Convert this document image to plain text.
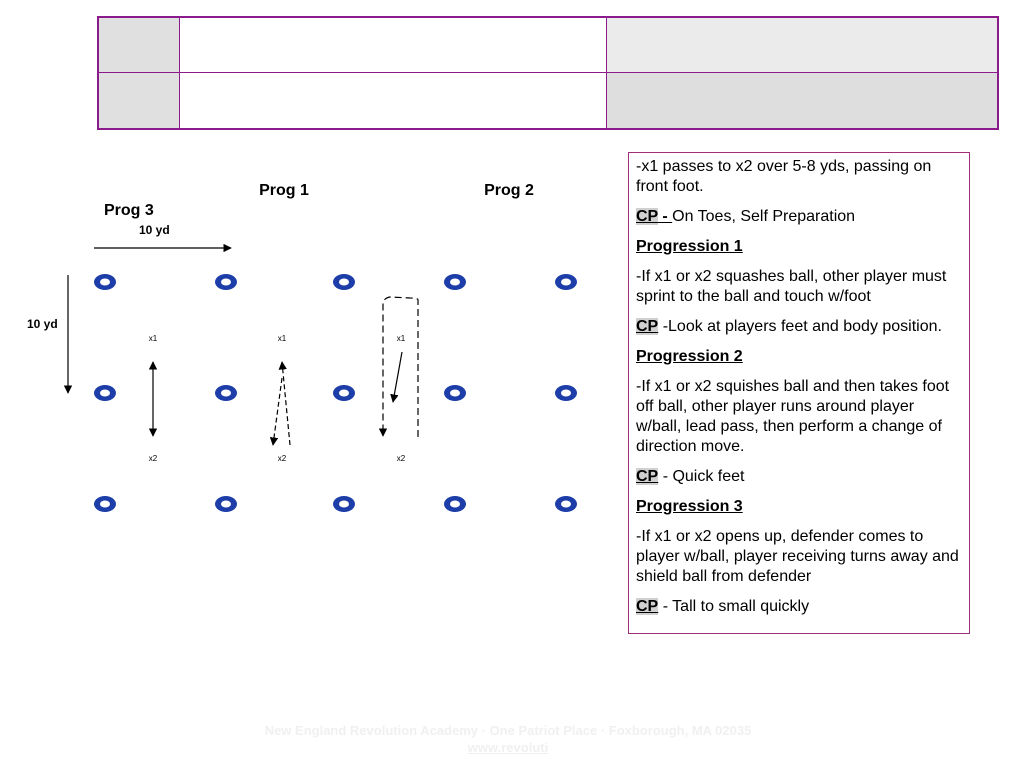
Prog 1	Prog 2
Prog 3
10 yd
10 yd
x1
x2
x1
x2
x1
x2

-x1 passes to x2 over 5-8 yds, passing on front foot.

CP - On Toes, Self Preparation

Progression 1

-If x1 or x2 squashes ball, other player must sprint to the ball and touch w/foot

CP -Look at players feet and body position.

Progression 2

-If x1 or x2 squishes ball and then takes foot off ball, other player runs around player w/ball, lead pass, then perform a change of direction move.

CP - Quick feet

Progression 3

-If x1 or x2 opens up, defender comes to player w/ball, player receiving turns away and shield ball from defender

CP - Tall to small quickly

New England Revolution Academy · One Patriot Place · Foxborough, MA 02035
www.revoluti
